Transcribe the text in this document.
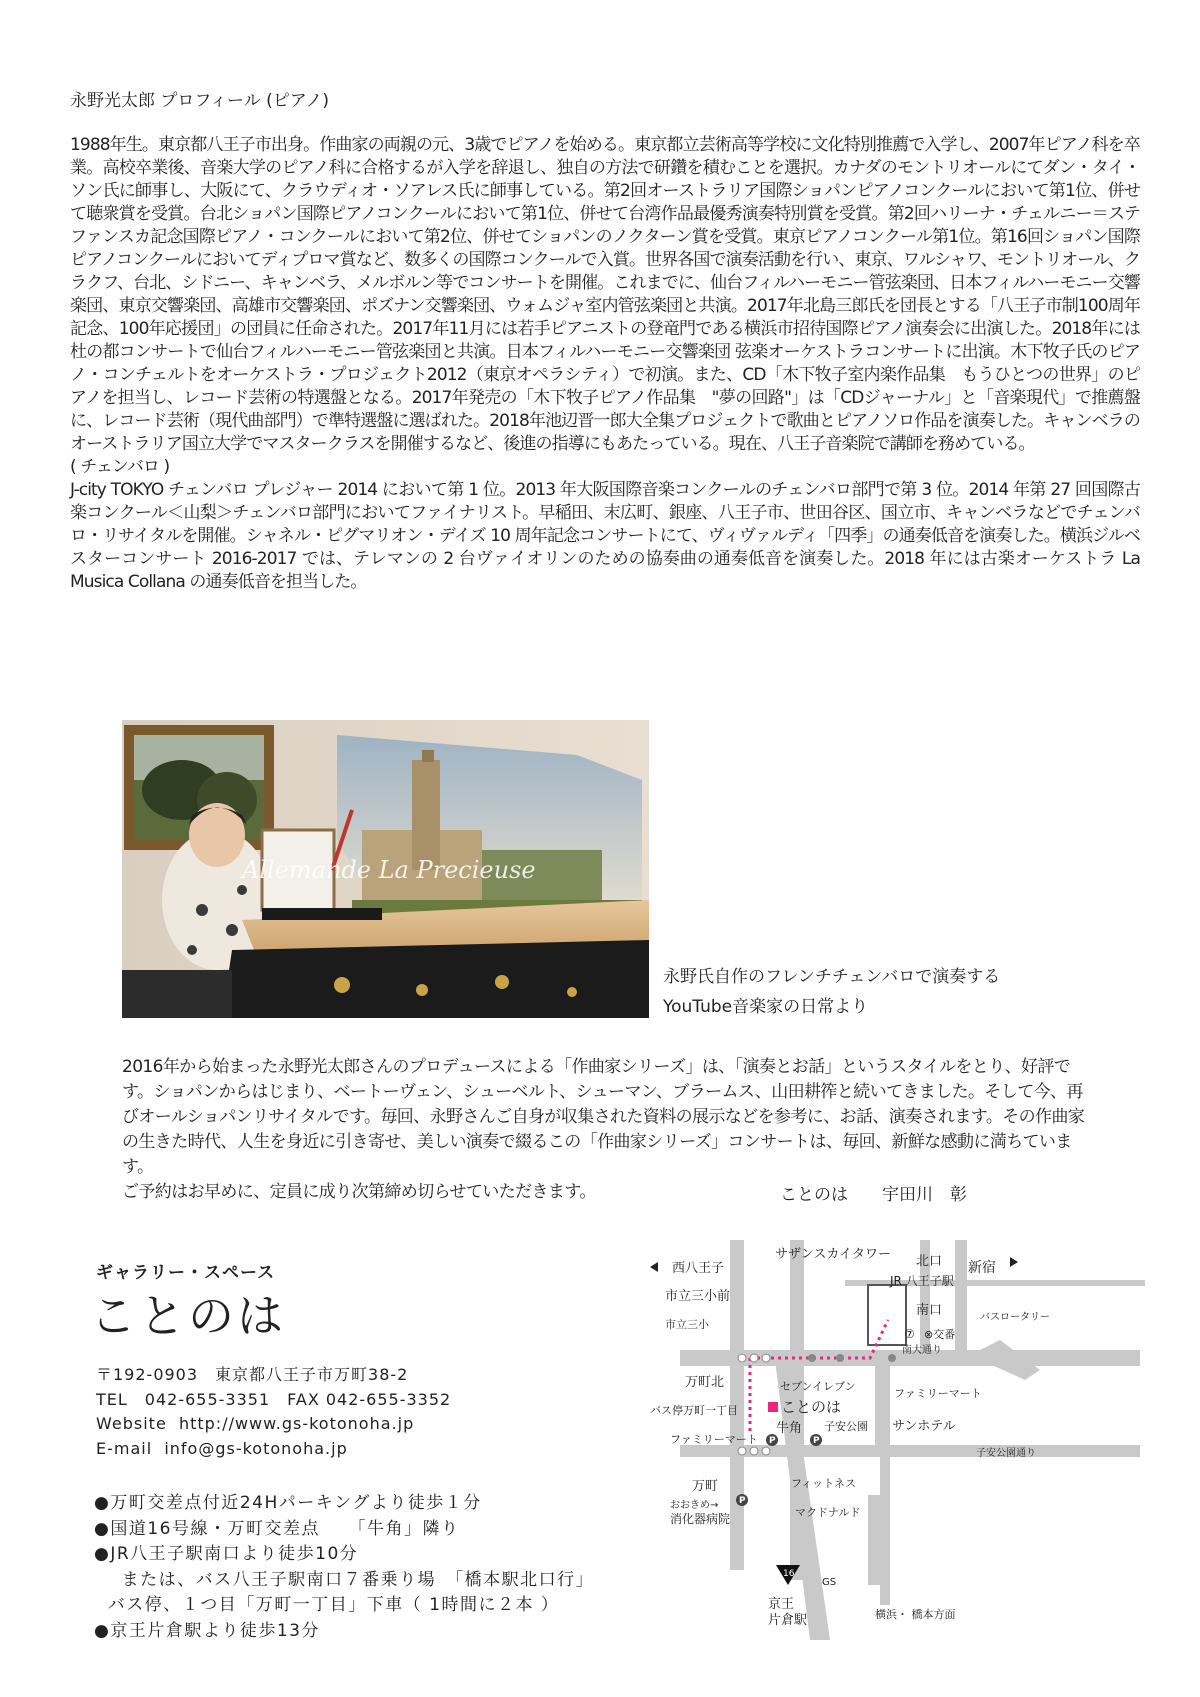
永野光太郎 プロフィール (ピアノ)

1988年生。東京都八王子市出身。作曲家の両親の元、3歳でピアノを始める。東京都立芸術高等学校に文化特別推薦で入学し、2007年ピアノ科を卒業。高校卒業後、音楽大学のピアノ科に合格するが入学を辞退し、独自の方法で研鑽を積むことを選択。カナダのモントリオールにてダン・タイ・ソン氏に師事し、大阪にて、クラウディオ・ソアレス氏に師事している。第2回オーストラリア国際ショパンピアノコンクールにおいて第1位、併せて聴衆賞を受賞。台北ショパン国際ピアノコンクールにおいて第1位、併せて台湾作品最優秀演奏特別賞を受賞。第2回ハリーナ・チェルニー＝ステファンスカ記念国際ピアノ・コンクールにおいて第2位、併せてショパンのノクターン賞を受賞。東京ピアノコンクール第1位。第16回ショパン国際ピアノコンクールにおいてディプロマ賞など、数多くの国際コンクールで入賞。世界各国で演奏活動を行い、東京、ワルシャワ、モントリオール、クラクフ、台北、シドニー、キャンベラ、メルボルン等でコンサートを開催。これまでに、仙台フィルハーモニー管弦楽団、日本フィルハーモニー交響楽団、東京交響楽団、高雄市交響楽団、ポズナン交響楽団、ウォムジャ室内管弦楽団と共演。2017年北島三郎氏を団長とする「八王子市制100周年記念、100年応援団」の団員に任命された。2017年11月には若手ピアニストの登竜門である横浜市招待国際ピアノ演奏会に出演した。2018年には杜の都コンサートで仙台フィルハーモニー管弦楽団と共演。日本フィルハーモニー交響楽団 弦楽オーケストラコンサートに出演。木下牧子氏のピアノ・コンチェルトをオーケストラ・プロジェクト2012（東京オペラシティ）で初演。また、CD「木下牧子室内楽作品集　もうひとつの世界」のピアノを担当し、レコード芸術の特選盤となる。2017年発売の「木下牧子ピアノ作品集　"夢の回路"」は「CDジャーナル」と「音楽現代」で推薦盤に、レコード芸術（現代曲部門）で準特選盤に選ばれた。2018年池辺晋一郎大全集プロジェクトで歌曲とピアノソロ作品を演奏した。キャンベラのオーストラリア国立大学でマスタークラスを開催するなど、後進の指導にもあたっている。現在、八王子音楽院で講師を務めている。

( チェンバロ )

J-city TOKYO チェンバロ プレジャー 2014 において第 1 位。2013 年大阪国際音楽コンクールのチェンバロ部門で第 3 位。2014 年第 27 回国際古楽コンクール＜山梨＞チェンバロ部門においてファイナリスト。早稲田、末広町、銀座、八王子市、世田谷区、国立市、キャンベラなどでチェンバロ・リサイタルを開催。シャネル・ピグマリオン・デイズ 10 周年記念コンサートにて、ヴィヴァルディ「四季」の通奏低音を演奏した。横浜ジルベスターコンサート 2016-2017 では、テレマンの 2 台ヴァイオリンのための協奏曲の通奏低音を演奏した。2018 年には古楽オーケストラ La Musica Collana の通奏低音を担当した。

Allemande La Precieuse
永野氏自作のフレンチチェンバロで演奏する
YouTube音楽家の日常より

2016年から始まった永野光太郎さんのプロデュースによる「作曲家シリーズ」は、「演奏とお話」というスタイルをとり、好評です。ショパンからはじまり、ベートーヴェン、シューベルト、シューマン、ブラームス、山田耕筰と続いてきました。そして今、再びオールショパンリサイタルです。毎回、永野さんご自身が収集された資料の展示などを参考に、お話、演奏されます。その作曲家の生きた時代、人生を身近に引き寄せ、美しい演奏で綴るこの「作曲家シリーズ」コンサートは、毎回、新鮮な感動に満ちています。

ご予約はお早めに、定員に成り次第締め切らせていただきます。	ことのは　　宇田川　彰
ギャラリー・スペース
ことのは
〒192-0903　東京都八王子市万町38-2
TEL　042-655-3351　FAX 042-655-3352
Website  http://www.gs-kotonoha.jp
E-mail  info@gs-kotonoha.jp
●万町交差点付近24Hパーキングより徒歩１分
●国道16号線・万町交差点　　「牛角」隣り
●JR八王子駅南口より徒歩10分
または、バス八王子駅南口７番乗り場　「橋本駅北口行」
バス停、１つ目「万町一丁目」下車（ 1時間に２本 ）
●京王片倉駅より徒歩13分
西八王子
サザンスカイタワー 北口 新宿
JR 八王子駅
南口	バスロータリー
⑦ ⊗交番
南大通り
市立三小前
市立三小
万町北	セブンイレブン
ファミリーマート
バス停万町一丁目	ことのは
牛角 子安公園 サンホテル
ファミリーマート
子安公園通り
万町	フィットネス
おおきめ→
消化器病院	マクドナルド
16
GS
京王
片倉駅	横浜・ 橋本方面
P	P
P
